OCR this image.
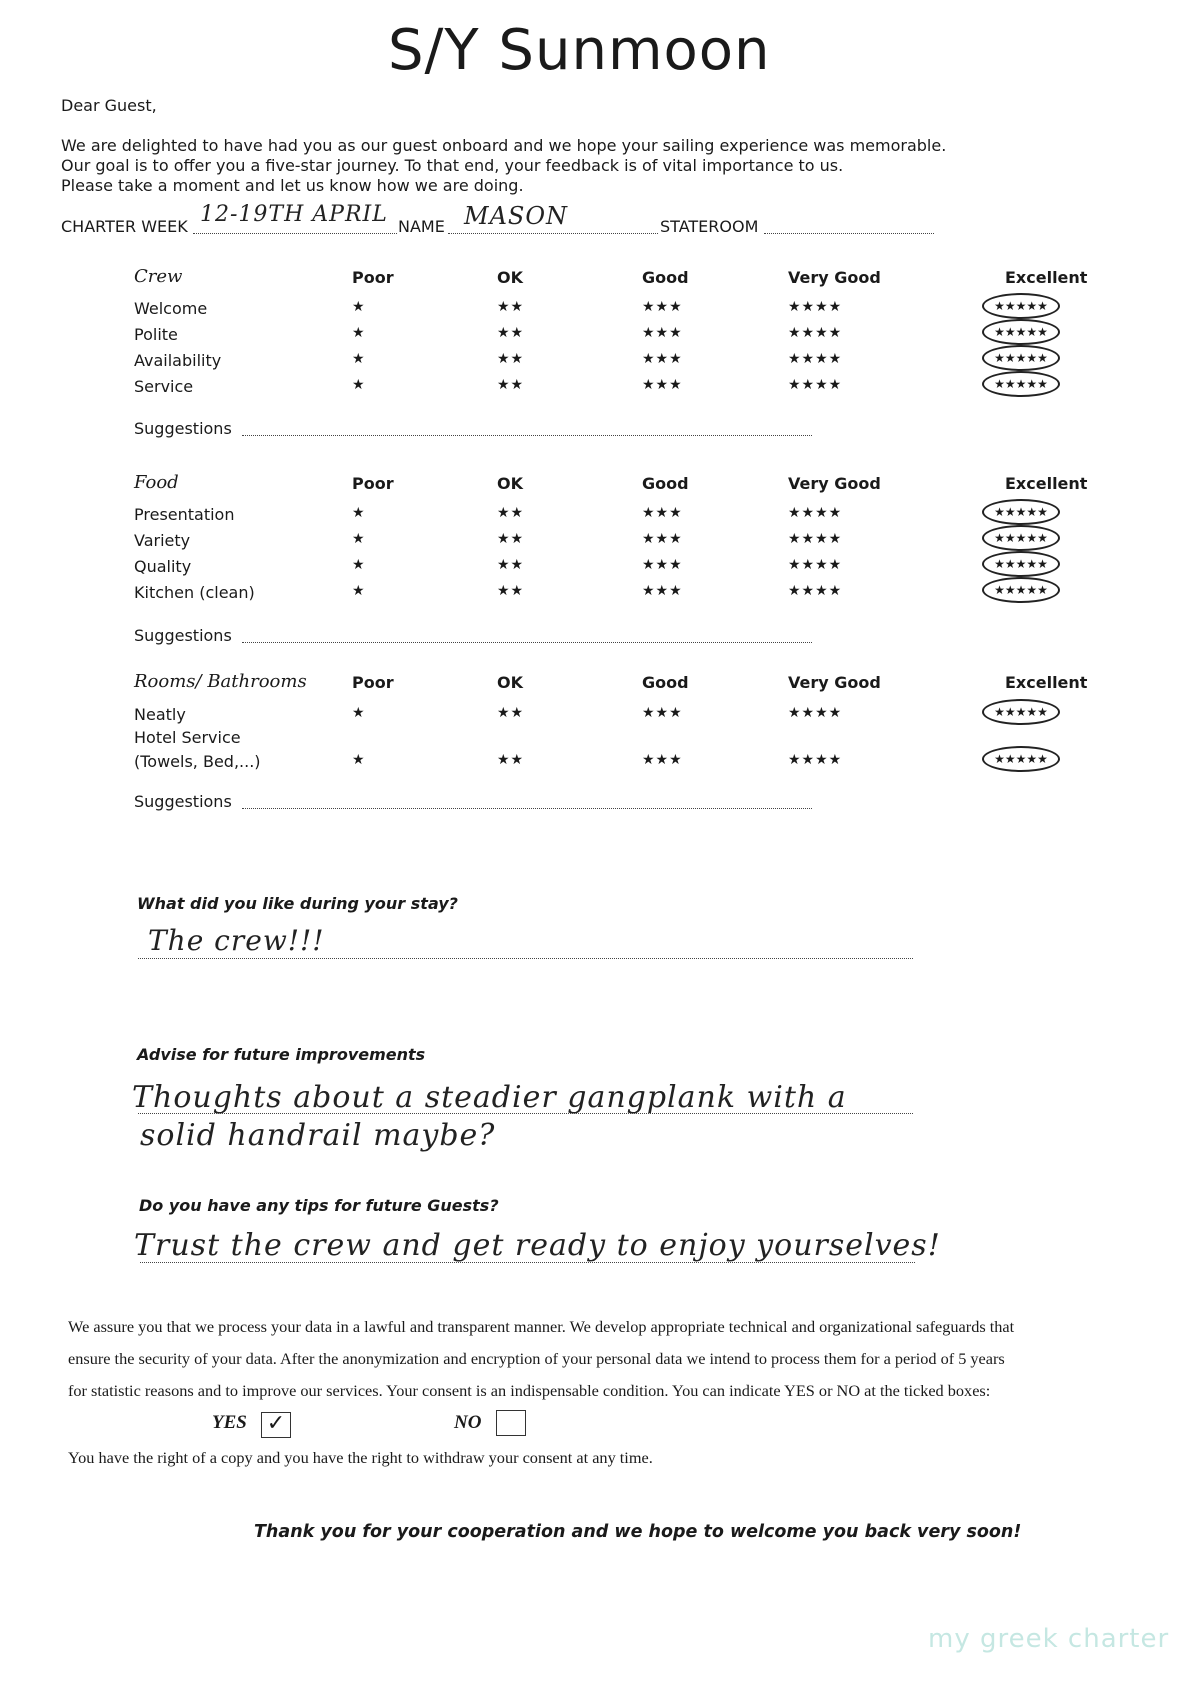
S/Y Sunmoon
Dear Guest,
We are delighted to have had you as our guest onboard and we hope your sailing experience was memorable.
Our goal is to offer you a five-star journey. To that end, your feedback is of vital importance to us.
Please take a moment and let us know how we are doing.
CHARTER WEEK 12-19TH APRIL NAME MASON	STATEROOM
Crew	Poor	OK	Good	Very Good	Excellent
Welcome	★	★★	★★★	★★★★	★★★★★
Polite	★	★★	★★★	★★★★	★★★★★
Availability	★	★★	★★★	★★★★	★★★★★
Service	★	★★	★★★	★★★★	★★★★★
Suggestions
Food	Poor	OK	Good	Very Good	Excellent
Presentation	★	★★	★★★	★★★★	★★★★★
Variety	★	★★	★★★	★★★★	★★★★★
Quality	★	★★	★★★	★★★★	★★★★★
Kitchen (clean)	★	★★	★★★	★★★★	★★★★★
Suggestions
Rooms/ Bathrooms	Poor	OK	Good	Very Good	Excellent
Neatly	★	★★	★★★	★★★★	★★★★★
Hotel Service
(Towels, Bed,...)	★	★★	★★★	★★★★	★★★★★
Suggestions
What did you like during your stay?
The crew!!!
Advise for future improvements
Thoughts about a steadier gangplank with a
solid handrail maybe?
Do you have any tips for future Guests?
Trust the crew and get ready to enjoy yourselves!
We assure you that we process your data in a lawful and transparent manner. We develop appropriate technical and organizational safeguards that
ensure the security of your data. After the anonymization and encryption of your personal data we intend to process them for a period of 5 years
for statistic reasons and to improve our services. Your consent is an indispensable condition. You can indicate YES or NO at the ticked boxes:
YES ✓	NO
You have the right of a copy and you have the right to withdraw your consent at any time.
Thank you for your cooperation and we hope to welcome you back very soon!
my greek charter
